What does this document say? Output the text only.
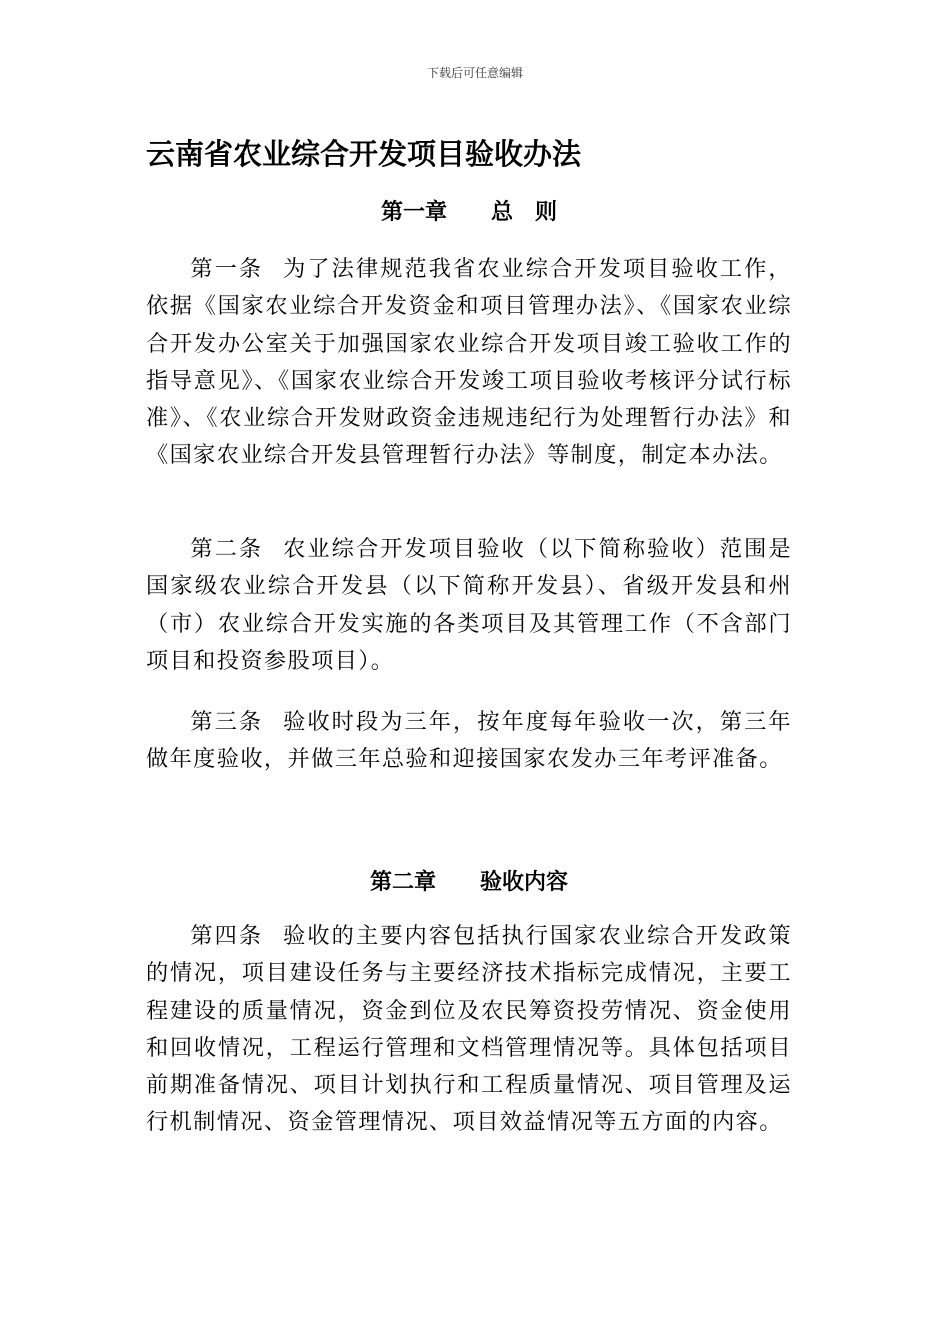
下载后可任意编辑
云南省农业综合开发项目验收办法
第一章　　总　则
第一条 为了法律规范我省农业综合开发项目验收工作，依据《国家农业综合开发资金和项目管理办法》、《国家农业综合开发办公室关于加强国家农业综合开发项目竣工验收工作的指导意见》、《国家农业综合开发竣工项目验收考核评分试行标准》、《农业综合开发财政资金违规违纪行为处理暂行办法》和《国家农业综合开发县管理暂行办法》等制度，制定本办法。
第二条 农业综合开发项目验收（以下简称验收）范围是国家级农业综合开发县（以下简称开发县）、省级开发县和州（市）农业综合开发实施的各类项目及其管理工作（不含部门项目和投资参股项目）。
第三条 验收时段为三年，按年度每年验收一次，第三年做年度验收，并做三年总验和迎接国家农发办三年考评准备。
第二章　　验收内容
第四条 验收的主要内容包括执行国家农业综合开发政策的情况，项目建设任务与主要经济技术指标完成情况，主要工程建设的质量情况，资金到位及农民筹资投劳情况、资金使用和回收情况，工程运行管理和文档管理情况等。具体包括项目前期准备情况、项目计划执行和工程质量情况、项目管理及运行机制情况、资金管理情况、项目效益情况等五方面的内容。
